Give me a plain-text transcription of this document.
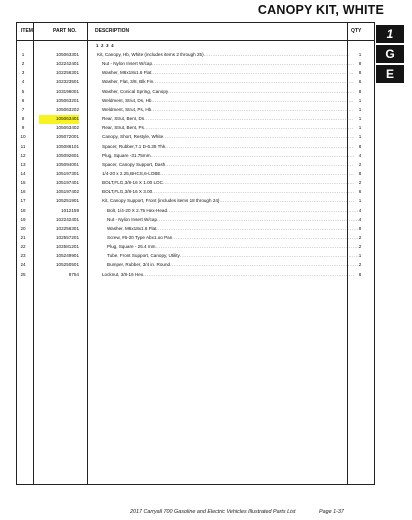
CANOPY KIT, WHITE
ITEM	PART NO.	DESCRIPTION	QTY
1 2 3 4
1	105063301	Kit, Canopy, Hb, White (includes items 2 through 25) .....	1
2	102242401	Nut - Nylon Insert W/cap .....	8
3	102256301	Washer, M6x18x1.6 Flat .....	8
4	102323501	Washer, Flat, 3/8, Blk Fin .....	6
5	103196001	Washer, Conical Spring, Canopy .....	8
6	105063201	Weldment, Strut, Ds, Hb .....	1
7	105063202	Weldment, Strut, Ps, Hb .....	1
8	105063401	Rear, Strut, Bent, Ds .....	1
9	105063402	Rear, Strut, Bent, Ps .....	1
10	105072001	Canopy, Short, Restyle, White .....	1
11	105086101	Spacer, Rubber,7.1 D-6.35 Thk .....	8
12	105092601	Plug, Square -31.75mm .....	4
13	105094001	Spacer, Canopy Support, Dash .....	2
14	105197301	1/4-20 x 2.25,BHCS,6-LOBE .....	8
15	105197401	BOLT,FLG,3/8-16 X 1.00 LOC .....	2
16	105197402	BOLT,FLG,3/8-16 X 3.00 .....	6
17	105251901	Kit, Canopy Support, Front (includes items 18 through 24) .....	1
18	1012159	Bolt, 1/4-20 X 2.75 Hex-Head .....	4
19	102242401	Nut - Nylon Insert W/cap .....	4
20	102256301	Washer, M6x18x1.6 Flat .....	8
21	102557201	Screw, #6-20 Type Abx1.oo Pan .....	2
22	102581201	Plug, Square - 25.4 mm .....	2
23	105249901	Tube, Front Support, Canopy, Utility .....	1
24	105250501	Bumper, Rubber, 3/4 in. Round .....	2
25	8754	Locknut, 3/8-16 Hex .....	6
1
G
E
2017 Carryall 700 Gasoline and Electric Vehicles Illustrated Parts List	Page 1-37
